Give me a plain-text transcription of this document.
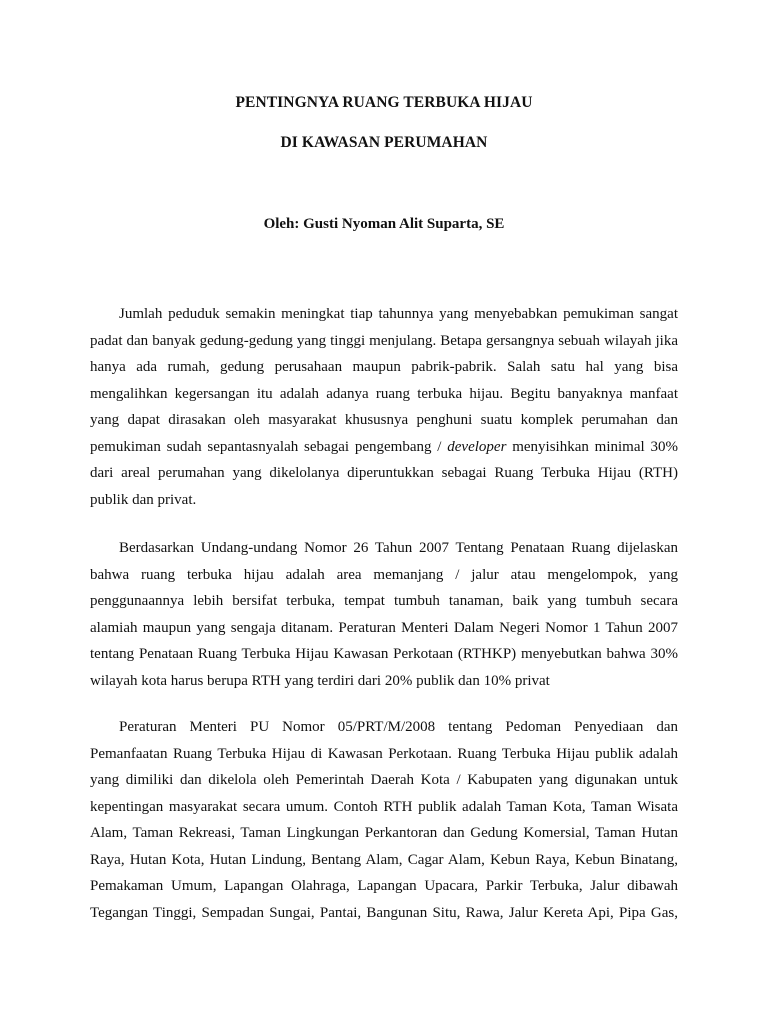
PENTINGNYA RUANG TERBUKA HIJAU
DI KAWASAN PERUMAHAN
Oleh: Gusti Nyoman Alit Suparta, SE
Jumlah peduduk semakin meningkat tiap tahunnya yang menyebabkan pemukiman sangat
padat dan banyak gedung-gedung yang tinggi menjulang. Betapa gersangnya sebuah wilayah jika
hanya ada rumah, gedung perusahaan maupun pabrik-pabrik. Salah satu hal yang bisa
mengalihkan kegersangan itu adalah adanya ruang terbuka hijau. Begitu banyaknya manfaat
yang dapat dirasakan oleh masyarakat khususnya penghuni suatu komplek perumahan dan
pemukiman sudah sepantasnyalah sebagai pengembang / developer menyisihkan minimal 30%
dari areal perumahan yang dikelolanya diperuntukkan sebagai Ruang Terbuka Hijau (RTH)
publik dan privat.
Berdasarkan Undang-undang Nomor 26 Tahun 2007 Tentang Penataan Ruang dijelaskan
bahwa ruang terbuka hijau adalah area memanjang / jalur atau mengelompok, yang
penggunaannya lebih bersifat terbuka, tempat tumbuh tanaman, baik yang tumbuh secara
alamiah maupun yang sengaja ditanam. Peraturan Menteri Dalam Negeri Nomor 1 Tahun 2007
tentang Penataan Ruang Terbuka Hijau Kawasan Perkotaan (RTHKP) menyebutkan bahwa 30%
wilayah kota harus berupa RTH yang terdiri dari 20% publik dan 10% privat
Peraturan Menteri PU Nomor 05/PRT/M/2008 tentang Pedoman Penyediaan dan
Pemanfaatan Ruang Terbuka Hijau di Kawasan Perkotaan. Ruang Terbuka Hijau publik adalah
yang dimiliki dan dikelola oleh Pemerintah Daerah Kota / Kabupaten yang digunakan untuk
kepentingan masyarakat secara umum. Contoh RTH publik adalah Taman Kota, Taman Wisata
Alam, Taman Rekreasi, Taman Lingkungan Perkantoran dan Gedung Komersial, Taman Hutan
Raya, Hutan Kota, Hutan Lindung, Bentang Alam, Cagar Alam, Kebun Raya, Kebun Binatang,
Pemakaman Umum, Lapangan Olahraga, Lapangan Upacara, Parkir Terbuka, Jalur dibawah
Tegangan Tinggi, Sempadan Sungai, Pantai, Bangunan Situ, Rawa, Jalur Kereta Api, Pipa Gas,
